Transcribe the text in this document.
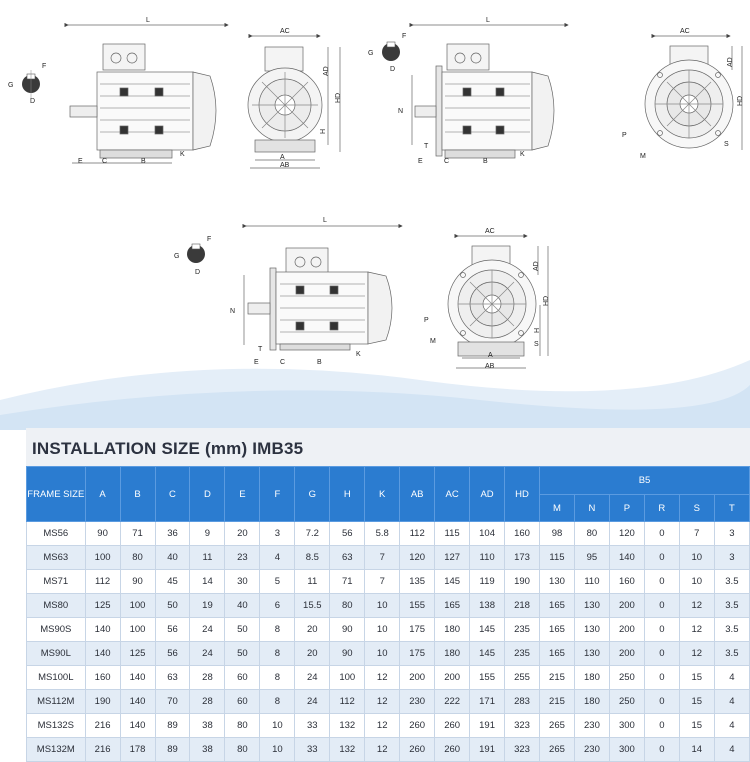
F
G
D
L
E	C	B
K
AC
A
AB
AD
HD
H
F
G
D
L
N
T
E	C	B
K
AC
AD
HD
P
M
S
F
G
D
L
N
T
E	C	B
K
AC
A
AB
AD
HD
H
P
M	S
INSTALLATION SIZE (mm) IMB35
FRAME SIZE	A	B	C	D	E	F	G	H	K	AB	AC	AD	HD	B5					
														M	N	P	R	S	T
MS56	90	71	36	9	20	3	7.2	56	5.8	112	115	104	160	98	80	120	0	7	3
MS63	100	80	40	11	23	4	8.5	63	7	120	127	110	173	115	95	140	0	10	3
MS71	112	90	45	14	30	5	11	71	7	135	145	119	190	130	110	160	0	10	3.5
MS80	125	100	50	19	40	6	15.5	80	10	155	165	138	218	165	130	200	0	12	3.5
MS90S	140	100	56	24	50	8	20	90	10	175	180	145	235	165	130	200	0	12	3.5
MS90L	140	125	56	24	50	8	20	90	10	175	180	145	235	165	130	200	0	12	3.5
MS100L	160	140	63	28	60	8	24	100	12	200	200	155	255	215	180	250	0	15	4
MS112M	190	140	70	28	60	8	24	112	12	230	222	171	283	215	180	250	0	15	4
MS132S	216	140	89	38	80	10	33	132	12	260	260	191	323	265	230	300	0	15	4
MS132M	216	178	89	38	80	10	33	132	12	260	260	191	323	265	230	300	0	14	4
